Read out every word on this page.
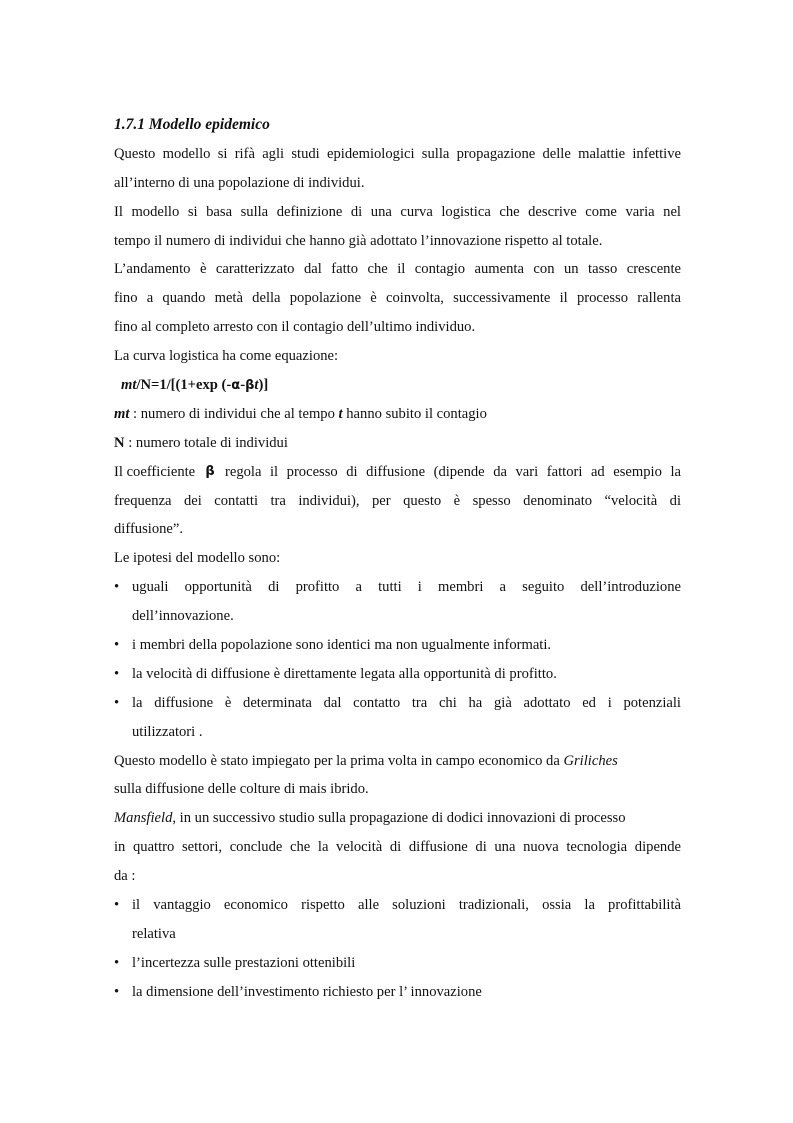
1.7.1 Modello epidemico
Questo modello si rifà agli studi epidemiologici sulla propagazione delle malattie infettive
all’interno di una popolazione di individui.
Il modello si basa sulla definizione di una curva logistica che descrive come varia nel
tempo il numero di individui che hanno già adottato l’innovazione rispetto al totale.
L’andamento è caratterizzato dal fatto che il contagio aumenta con un tasso crescente
fino a quando metà della popolazione è coinvolta, successivamente il processo rallenta
fino al completo arresto con il contagio dell’ultimo individuo.
La curva logistica ha come equazione:
mt/N=1/[(1+exp (-α-βt)]
mt : numero di individui che al tempo t hanno subito il contagio
N : numero totale di individui
Il coefficiente β regola il processo di diffusione (dipende da vari fattori ad esempio la
frequenza dei contatti tra individui), per questo è spesso denominato “velocità di
diffusione”.
Le ipotesi del modello sono:
• uguali opportunità di profitto a tutti i membri a seguito dell’introduzione
dell’innovazione.
• i membri della popolazione sono identici ma non ugualmente informati.
• la velocità di diffusione è direttamente legata alla opportunità di profitto.
• la diffusione è determinata dal contatto tra chi ha già adottato ed i potenziali
utilizzatori .
Questo modello è stato impiegato per la prima volta in campo economico da Griliches
sulla diffusione delle colture di mais ibrido.
Mansfield, in un successivo studio sulla propagazione di dodici innovazioni di processo
in quattro settori, conclude che la velocità di diffusione di una nuova tecnologia dipende
da :
• il vantaggio economico rispetto alle soluzioni tradizionali, ossia la profittabilità
relativa
• l’incertezza sulle prestazioni ottenibili
• la dimensione dell’investimento richiesto per l’ innovazione
